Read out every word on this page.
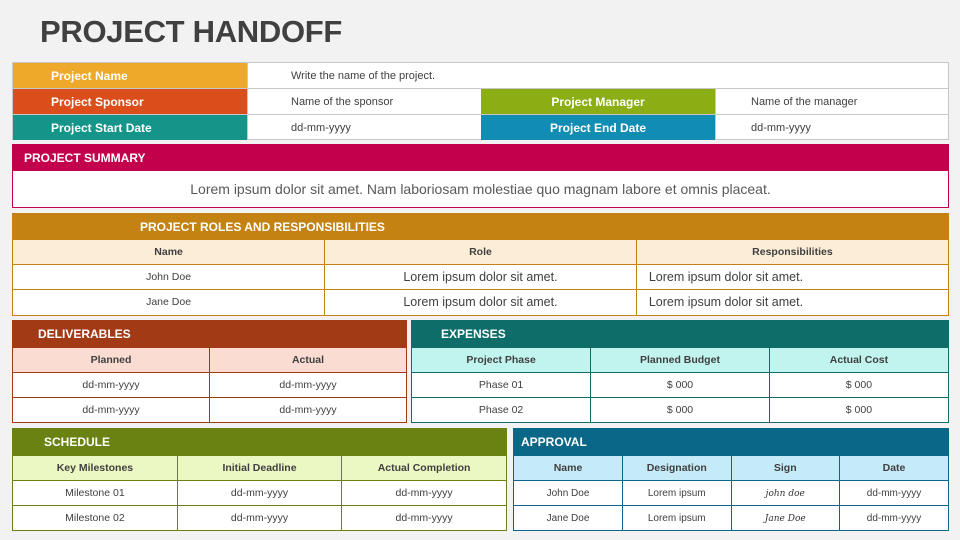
PROJECT HANDOFF
Project Name	Write the name of the project.
Project Sponsor	Name of the sponsor	Project Manager	Name of the manager
Project Start Date	dd-mm-yyyy	Project End Date	dd-mm-yyyy
PROJECT SUMMARY
Lorem ipsum dolor sit amet. Nam laboriosam molestiae quo magnam labore et omnis placeat.
PROJECT ROLES AND RESPONSIBILITIES
Name	Role	Responsibilities
John Doe	Lorem ipsum dolor sit amet.	Lorem ipsum dolor sit amet.
Jane Doe	Lorem ipsum dolor sit amet.	Lorem ipsum dolor sit amet.
DELIVERABLES
Planned	Actual
dd-mm-yyyy	dd-mm-yyyy
dd-mm-yyyy	dd-mm-yyyy
EXPENSES
Project Phase	Planned Budget	Actual Cost
Phase 01	$ 000	$ 000
Phase 02	$ 000	$ 000
SCHEDULE
Key Milestones	Initial Deadline	Actual Completion
Milestone 01	dd-mm-yyyy	dd-mm-yyyy
Milestone 02	dd-mm-yyyy	dd-mm-yyyy
APPROVAL
Name	Designation	Sign	Date
John Doe	Lorem ipsum	john doe	dd-mm-yyyy
Jane Doe	Lorem ipsum	Jane Doe	dd-mm-yyyy
